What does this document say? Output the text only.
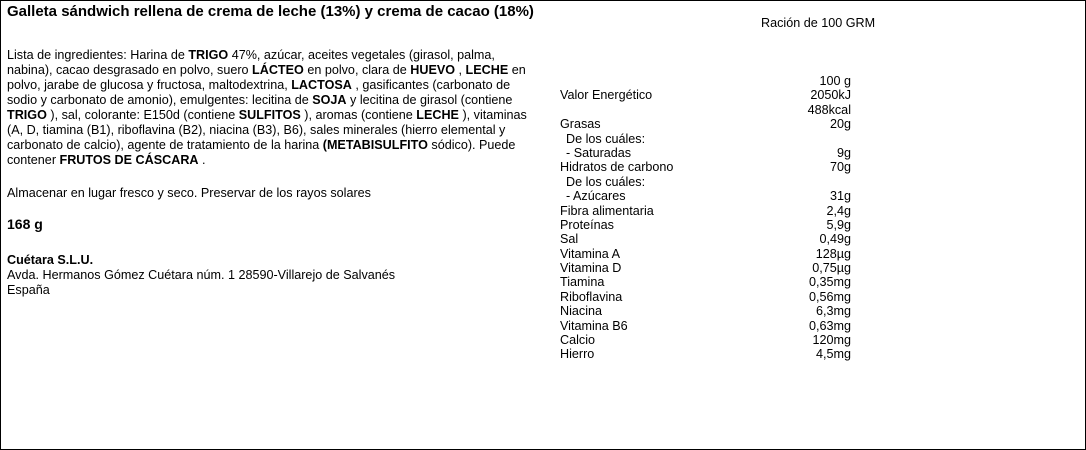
Galleta sándwich rellena de crema de leche (13%) y crema de cacao (18%)

Lista de ingredientes: Harina de TRIGO 47%, azúcar, aceites vegetales (girasol, palma, nabina), cacao desgrasado en polvo, suero LÁCTEO en polvo, clara de HUEVO , LECHE en polvo, jarabe de glucosa y fructosa, maltodextrina, LACTOSA , gasificantes (carbonato de sodio y carbonato de amonio), emulgentes: lecitina de SOJA y lecitina de girasol (contiene TRIGO ), sal, colorante: E150d (contiene SULFITOS ), aromas (contiene LECHE ), vitaminas (A, D, tiamina (B1), riboflavina (B2), niacina (B3), B6), sales minerales (hierro elemental y carbonato de calcio), agente de tratamiento de la harina (METABISULFITO sódico). Puede contener FRUTOS DE CÁSCARA .
Almacenar en lugar fresco y seco. Preservar de los rayos solares
168 g
Cuétara S.L.U.
Avda. Hermanos Gómez Cuétara núm. 1 28590-Villarejo de Salvanés
España
Ración de 100 GRM
100 g
Valor Energético	2050kJ
488kcal
Grasas	20g
De los cuáles:
- Saturadas	9g
Hidratos de carbono	70g
De los cuáles:
- Azúcares	31g
Fibra alimentaria	2,4g
Proteínas	5,9g
Sal	0,49g
Vitamina A	128µg
Vitamina D	0,75µg
Tiamina	0,35mg
Riboflavina	0,56mg
Niacina	6,3mg
Vitamina B6	0,63mg
Calcio	120mg
Hierro	4,5mg
